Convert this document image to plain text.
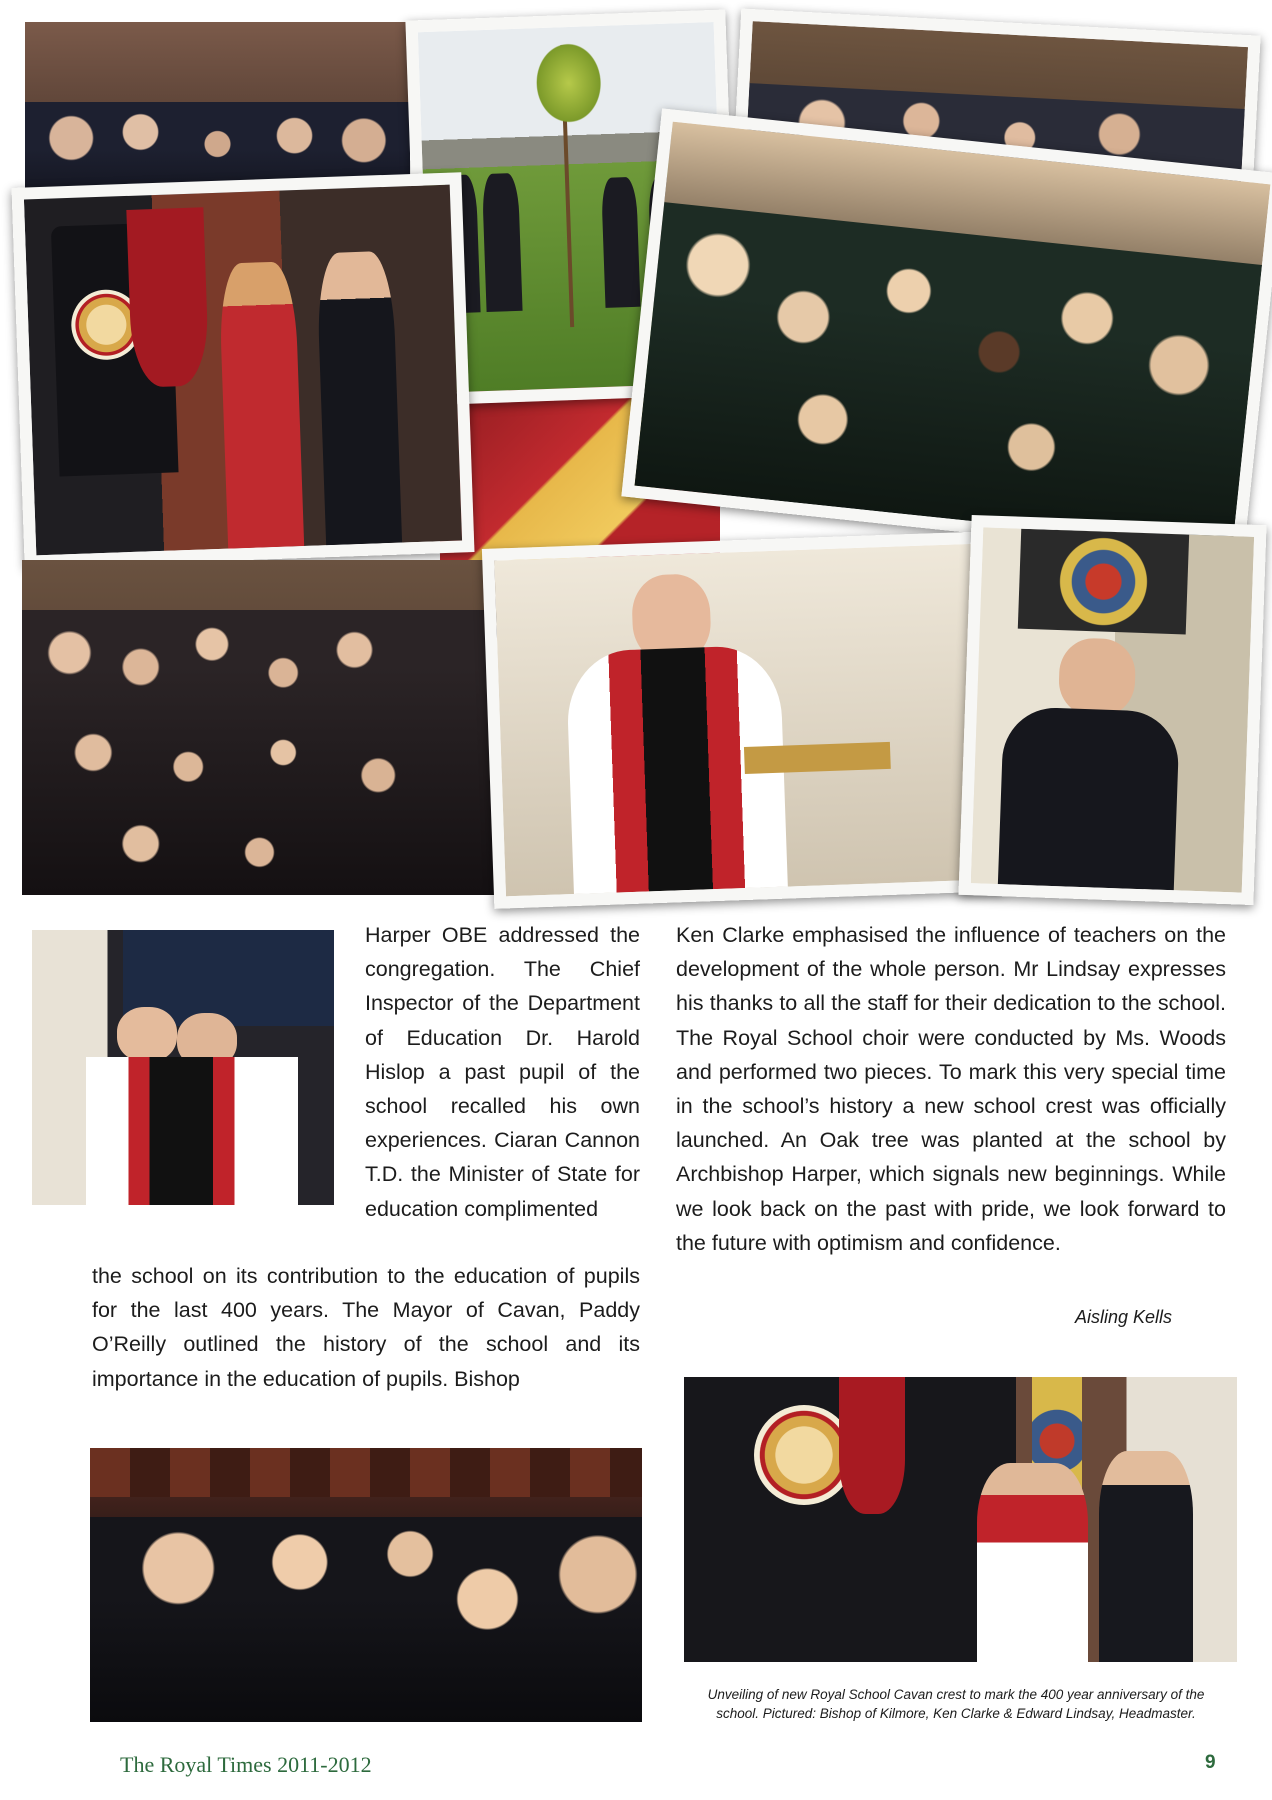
Harper OBE addressed the congregation. The Chief Inspector of the Department of Education Dr. Harold Hislop a past pupil of the school recalled his own experiences. Ciaran Cannon T.D. the Minister of State for education complimented

the school on its contribution to the education of pupils for the last 400 years. The Mayor of Cavan, Paddy O’Reilly outlined the history of the school and its importance in the education of pupils. Bishop

Ken Clarke emphasised the influence of teachers on the development of the whole person. Mr Lindsay expresses his thanks to all the staff for their dedication to the school. The Royal School choir were conducted by Ms. Woods and performed two pieces. To mark this very special time in the school’s history a new school crest was officially launched. An Oak tree was planted at the school by Archbishop Harper, which signals new beginnings. While we look back on the past with pride, we look forward to the future with optimism and confidence.

Aisling Kells

Unveiling of new Royal School Cavan crest to mark the 400 year anniversary of the
school. Pictured: Bishop of Kilmore, Ken Clarke & Edward Lindsay, Headmaster.

The Royal Times 2011-2012	9
